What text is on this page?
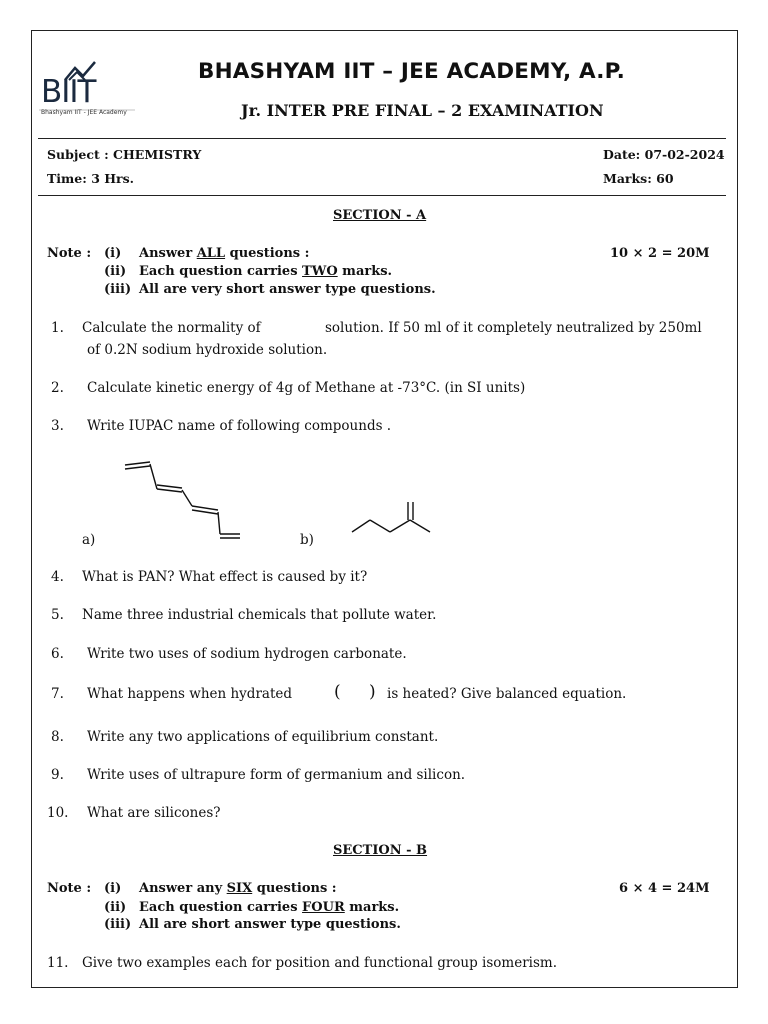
BIIT
Bhashyam IIT - JEE Academy
BHASHYAM IIT – JEE ACADEMY, A.P.
Jr. INTER PRE FINAL – 2 EXAMINATION
Subject : CHEMISTRY	Date: 07-02-2024
Time: 3 Hrs.	Marks: 60
SECTION - A
Note : (i) Answer ALL questions :	10 × 2 = 20M
(ii) Each question carries TWO marks.
(iii) All are very short answer type questions.
1. Calculate the normality of	solution. If 50 ml of it completely neutralized by 250ml
of 0.2N sodium hydroxide solution.
2. Calculate kinetic energy of 4g of Methane at -73°C. (in SI units)
3. Write IUPAC name of following compounds .
a)	b)
4. What is PAN? What effect is caused by it?
5. Name three industrial chemicals that pollute water.
6. Write two uses of sodium hydrogen carbonate.
7. What happens when hydrated ( ) is heated? Give balanced equation.
8. Write any two applications of equilibrium constant.
9. Write uses of ultrapure form of germanium and silicon.
10. What are silicones?
SECTION - B
Note : (i) Answer any SIX questions :	6 × 4 = 24M
(ii) Each question carries FOUR marks.
(iii) All are short answer type questions.
11. Give two examples each for position and functional group isomerism.
